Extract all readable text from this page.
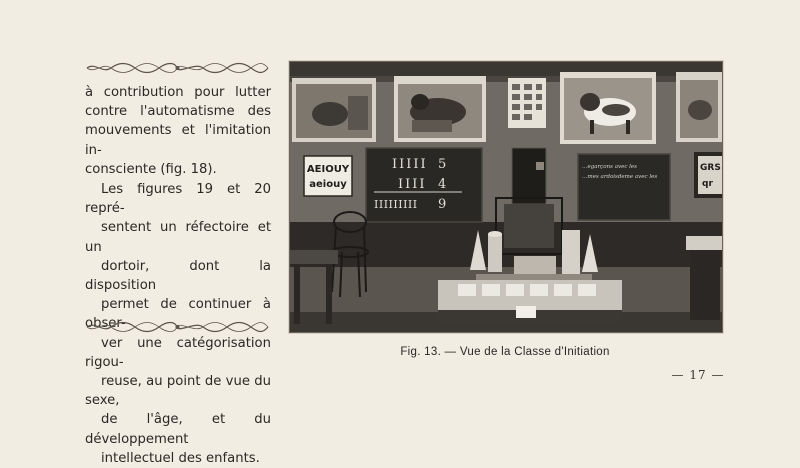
à contribution pour lutter
contre l'automatisme des
mouvements et l'imitation in-
consciente (fig. 18).

Les figures 19 et 20 repré-
sentent un réfectoire et un
dortoir, dont la disposition
permet de continuer à obser-
ver une catégorisation rigou-
reuse, au point de vue du sexe,
de l'âge, et du développement
intellectuel des enfants.

AEIOUY
aeiouy
IIIII 5
IIII 4
IIIIIIIII 9
…egarçons avec les
…mes ardoisdeme avec les
GRS
qr
Fig. 13. — Vue de la Classe d'Initiation
— 17 —
